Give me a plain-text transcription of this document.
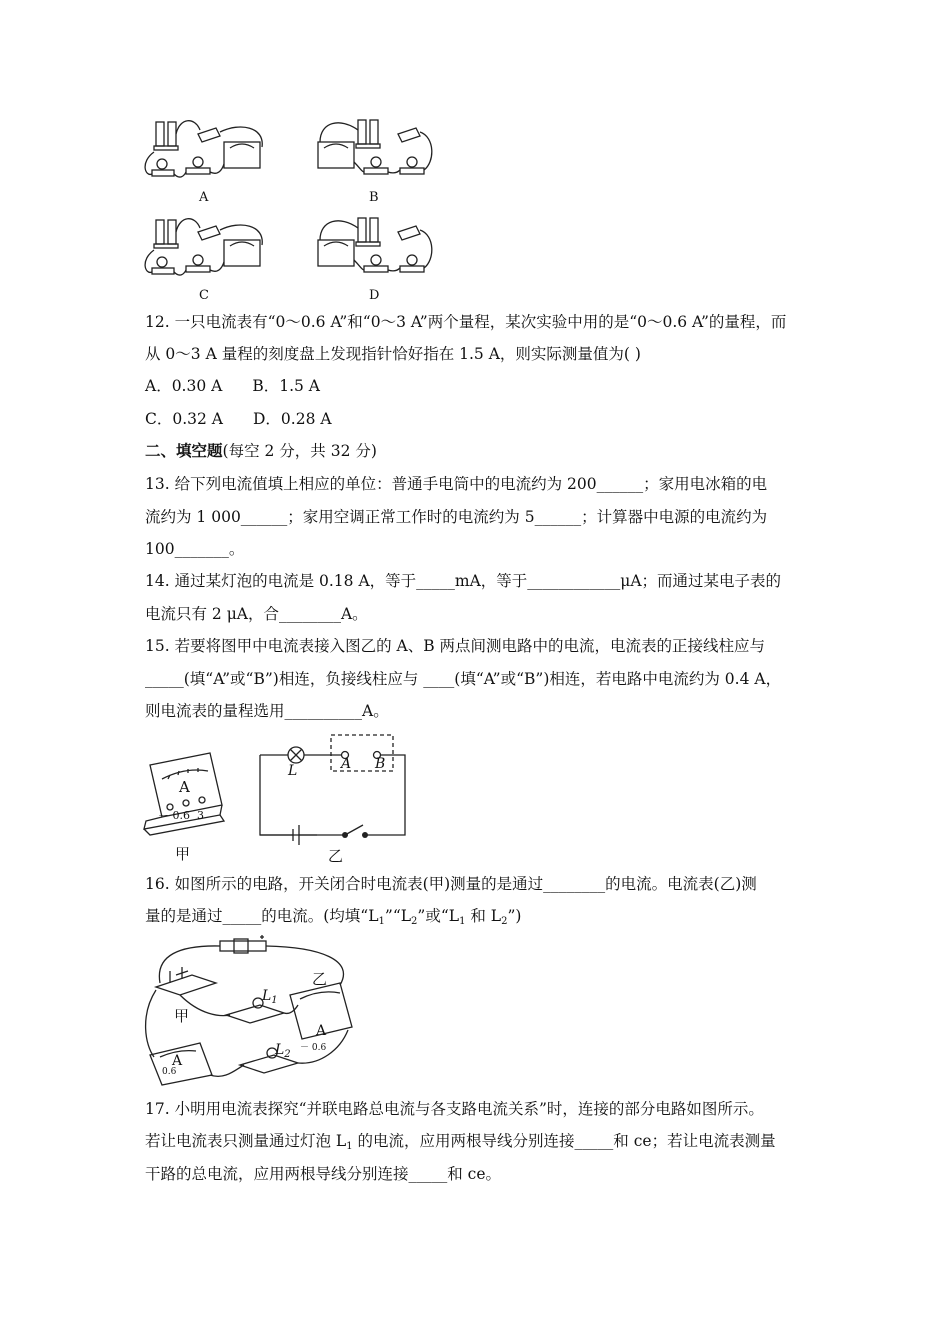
A	B
C	D
12. 一只电流表有“0～0.6 A”和“0～3 A”两个量程，某次实验中用的是“0～0.6 A”的量程，而
从 0～3 A 量程的刻度盘上发现指针恰好指在 1.5 A，则实际测量值为( )
A．0.30 A B．1.5 A
C．0.32 A D．0.28 A
二、填空题(每空 2 分，共 32 分)
13. 给下列电流值填上相应的单位：普通手电筒中的电流约为 200______；家用电冰箱的电
流约为 1 000______；家用空调正常工作时的电流约为 5______；计算器中电源的电流约为
100_______。
14. 通过某灯泡的电流是 0.18 A，等于_____mA，等于____________μA；而通过某电子表的
电流只有 2 μA，合________A。
15. 若要将图甲中电流表接入图乙的 A、B 两点间测电路中的电流，电流表的正接线柱应与
_____(填“A”或“B”)相连，负接线柱应与 ____(填“A”或“B”)相连，若电路中电流约为 0.4 A，
则电流表的量程选用__________A。
A
－ 0.6  3
甲
L	A B
乙
16. 如图所示的电路，开关闭合时电流表(甲)测量的是通过________的电流。电流表(乙)测
量的是通过_____的电流。(均填“$L_1”“L_2$”或“$L_1$ 和 $L_2$”)
$L_1$
$L_2$
甲
乙
A
－ 0.6
A
0.6
17. 小明用电流表探究“并联电路总电流与各支路电流关系”时，连接的部分电路如图所示。
若让电流表只测量通过灯泡 $L_1$ 的电流，应用两根导线分别连接_____和 ce；若让电流表测量
干路的总电流，应用两根导线分别连接_____和 ce。
